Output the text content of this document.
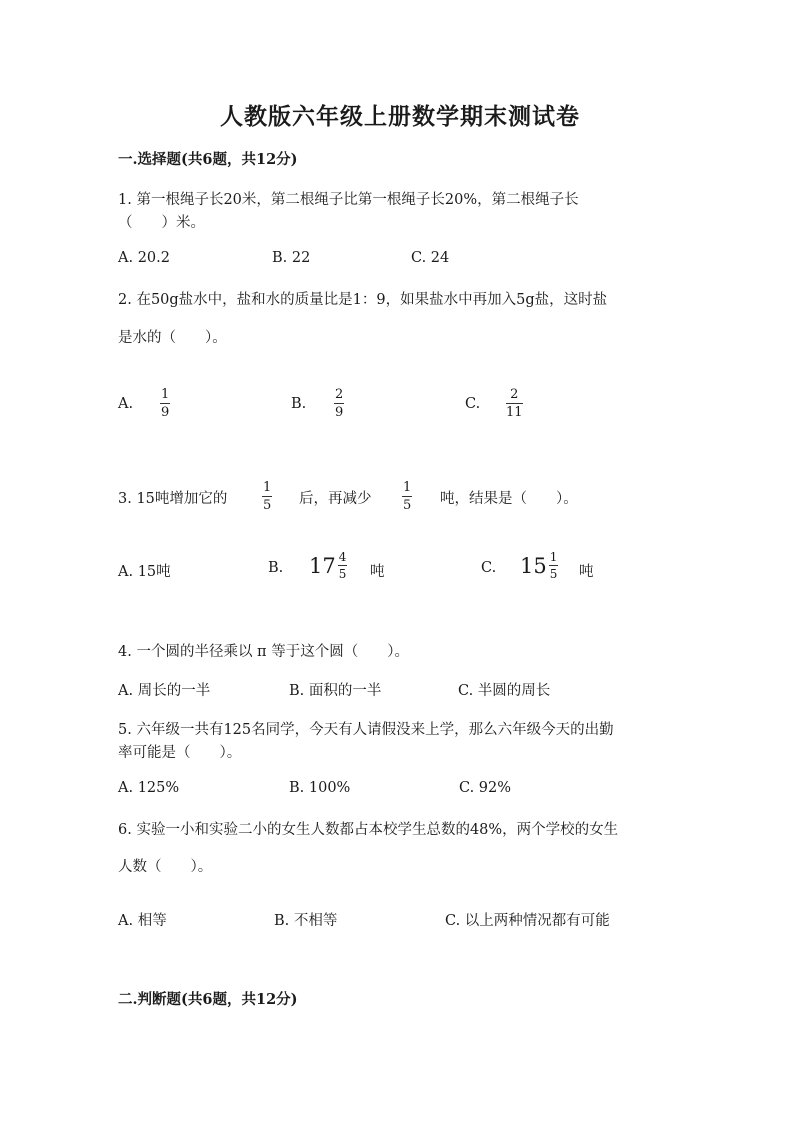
人教版六年级上册数学期末测试卷
一.选择题(共6题，共12分)
1. 第一根绳子长20米，第二根绳子比第一根绳子长20%，第二根绳子长
（　　）米。
A. 20.2	B. 22	C. 24
2. 在50g盐水中，盐和水的质量比是1：9，如果盐水中再加入5g盐，这时盐
是水的（　　）。
A.
1
9
B.
2
9
C.
2
11
3. 15吨增加它的
1
5 后，再减少
1
5 吨，结果是（　　）。
A. 15吨	B. $17 \frac{4}{5}$ 吨	C. $15 \frac{1}{5}$ 吨
4. 一个圆的半径乘以 π 等于这个圆（　　）。
A. 周长的一半	B. 面积的一半	C. 半圆的周长
5. 六年级一共有125名同学，今天有人请假没来上学，那么六年级今天的出勤
率可能是（　　）。
A. 125%	B. 100%	C. 92%
6. 实验一小和实验二小的女生人数都占本校学生总数的48%，两个学校的女生
人数（　　）。
A. 相等	B. 不相等	C. 以上两种情况都有可能
二.判断题(共6题，共12分)
